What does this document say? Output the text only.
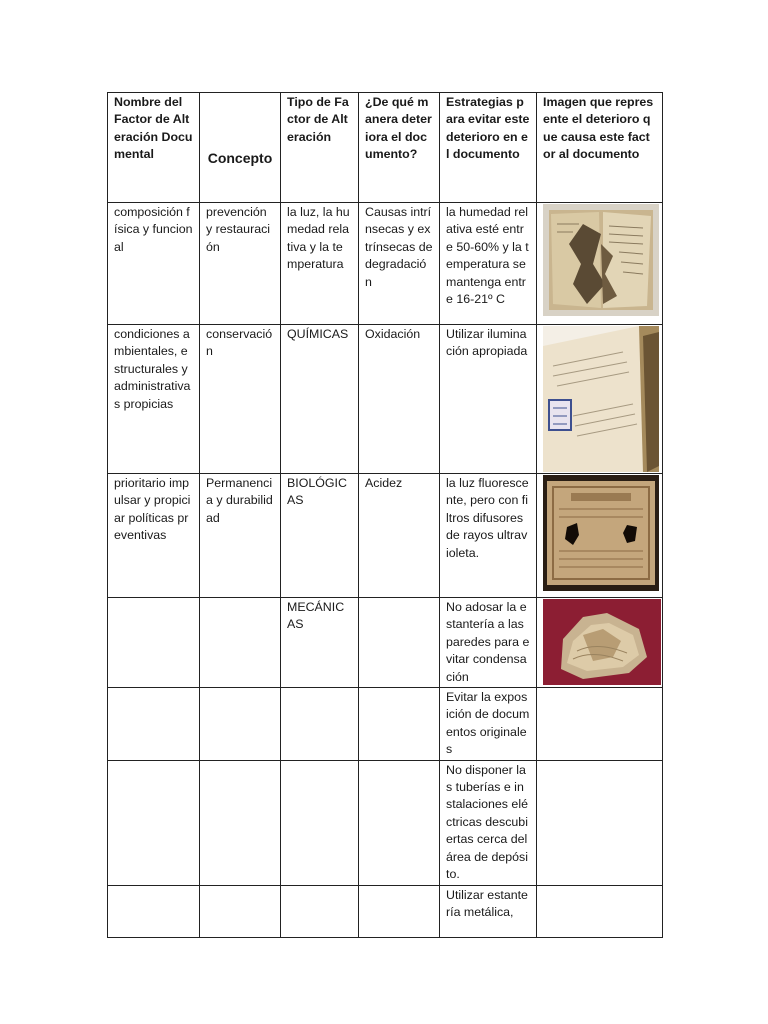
Nombre del Factor de Alteración Documental	Concepto	Tipo de Factor de Alteración	¿De qué manera deteriora el documento?	Estrategias para evitar este deterioro en el documento	Imagen que represente el deterioro que causa este factor al documento
composición física y funcional	prevención y restauración	la luz, la humedad relativa y la temperatura	Causas intrínsecas y extrínsecas de degradación	la humedad relativa esté entre 50-60% y la temperatura se mantenga entre 16-21º C	

condiciones ambientales, estructurales y administrativas propicias	conservación	QUÍMICAS	Oxidación	Utilizar iluminación apropiada	

prioritario impulsar y propiciar políticas preventivas	Permanencia y durabilidad	BIOLÓGICAS	Acidez	la luz fluorescente, pero con filtros difusores de rayos ultravioleta.	

		MECÁNICAS		No adosar la estantería a las paredes para evitar condensación	

				Evitar la exposición de documentos originales	
				No disponer las tuberías e instalaciones eléctricas descubiertas cerca del área de depósito.	
				Utilizar estantería metálica,	
